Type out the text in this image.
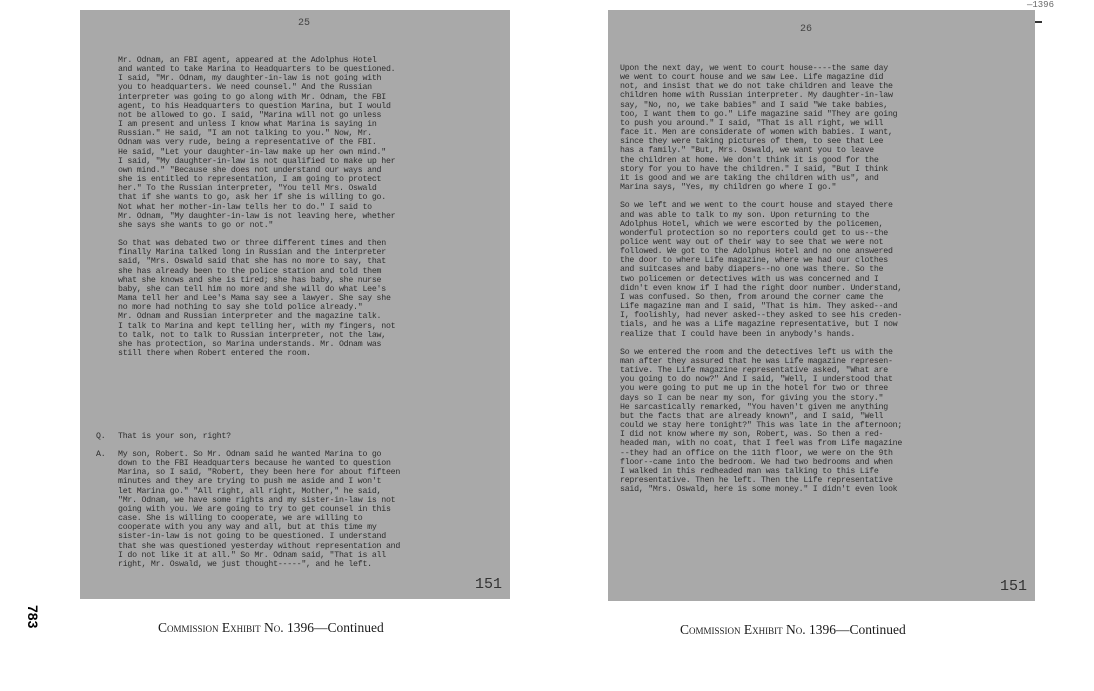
—1396
25
Mr. Odnam, an FBI agent, appeared at the Adolphus Hotel
and wanted to take Marina to Headquarters to be questioned.
I said, "Mr. Odnam, my daughter-in-law is not going with
you to headquarters. We need counsel." And the Russian
interpreter was going to go along with Mr. Odnam, the FBI
agent, to his Headquarters to question Marina, but I would
not be allowed to go. I said, "Marina will not go unless
I am present and unless I know what Marina is saying in
Russian." He said, "I am not talking to you." Now, Mr.
Odnam was very rude, being a representative of the FBI.
He said, "Let your daughter-in-law make up her own mind."
I said, "My daughter-in-law is not qualified to make up her
own mind." "Because she does not understand our ways and
she is entitled to representation, I am going to protect
her." To the Russian interpreter, "You tell Mrs. Oswald
that if she wants to go, ask her if she is willing to go.
Not what her mother-in-law tells her to do." I said to
Mr. Odnam, "My daughter-in-law is not leaving here, whether
she says she wants to go or not."

So that was debated two or three different times and then
finally Marina talked long in Russian and the interpreter
said, "Mrs. Oswald said that she has no more to say, that
she has already been to the police station and told them
what she knows and she is tired; she has baby, she nurse
baby, she can tell him no more and she will do what Lee's
Mama tell her and Lee's Mama say see a lawyer. She say she
no more had nothing to say she told police already."
Mr. Odnam and Russian interpreter and the magazine talk.
I talk to Marina and kept telling her, with my fingers, not
to talk, not to talk to Russian interpreter, not the law,
she has protection, so Marina understands. Mr. Odnam was
still there when Robert entered the room.
Q. That is your son, right?
A. My son, Robert. So Mr. Odnam said he wanted Marina to go
down to the FBI Headquarters because he wanted to question
Marina, so I said, "Robert, they been here for about fifteen
minutes and they are trying to push me aside and I won't
let Marina go." "All right, all right, Mother," he said,
"Mr. Odnam, we have some rights and my sister-in-law is not
going with you. We are going to try to get counsel in this
case. She is willing to cooperate, we are willing to
cooperate with you any way and all, but at this time my
sister-in-law is not going to be questioned. I understand
that she was questioned yesterday without representation and
I do not like it at all." So Mr. Odnam said, "That is all
right, Mr. Oswald, we just thought-----", and he left.
151
26
Upon the next day, we went to court house----the same day
we went to court house and we saw Lee. Life magazine did
not, and insist that we do not take children and leave the
children home with Russian interpreter. My daughter-in-law
say, "No, no, we take babies" and I said "We take babies,
too, I want them to go." Life magazine said "They are going
to push you around." I said, "That is all right, we will
face it. Men are considerate of women with babies. I want,
since they were taking pictures of them, to see that Lee
has a family." "But, Mrs. Oswald, we want you to leave
the children at home. We don't think it is good for the
story for you to have the children." I said, "But I think
it is good and we are taking the children with us", and
Marina says, "Yes, my children go where I go."

So we left and we went to the court house and stayed there
and was able to talk to my son. Upon returning to the
Adolphus Hotel, which we were escorted by the policemen,
wonderful protection so no reporters could get to us--the
police went way out of their way to see that we were not
followed. We got to the Adolphus Hotel and no one answered
the door to where Life magazine, where we had our clothes
and suitcases and baby diapers--no one was there. So the
two policemen or detectives with us was concerned and I
didn't even know if I had the right door number. Understand,
I was confused. So then, from around the corner came the
Life magazine man and I said, "That is him. They asked--and
I, foolishly, had never asked--they asked to see his creden-
tials, and he was a Life magazine representative, but I now
realize that I could have been in anybody's hands.

So we entered the room and the detectives left us with the
man after they assured that he was Life magazine represen-
tative. The Life magazine representative asked, "What are
you going to do now?" And I said, "Well, I understood that
you were going to put me up in the hotel for two or three
days so I can be near my son, for giving you the story."
He sarcastically remarked, "You haven't given me anything
but the facts that are already known", and I said, "Well
could we stay here tonight?" This was late in the afternoon;
I did not know where my son, Robert, was. So then a red-
headed man, with no coat, that I feel was from Life magazine
--they had an office on the 11th floor, we were on the 9th
floor--came into the bedroom. We had two bedrooms and when
I walked in this redheaded man was talking to this Life
representative. Then he left. Then the Life representative
said, "Mrs. Oswald, here is some money." I didn't even look
151
Commission Exhibit No. 1396—Continued	Commission Exhibit No. 1396—Continued
783
